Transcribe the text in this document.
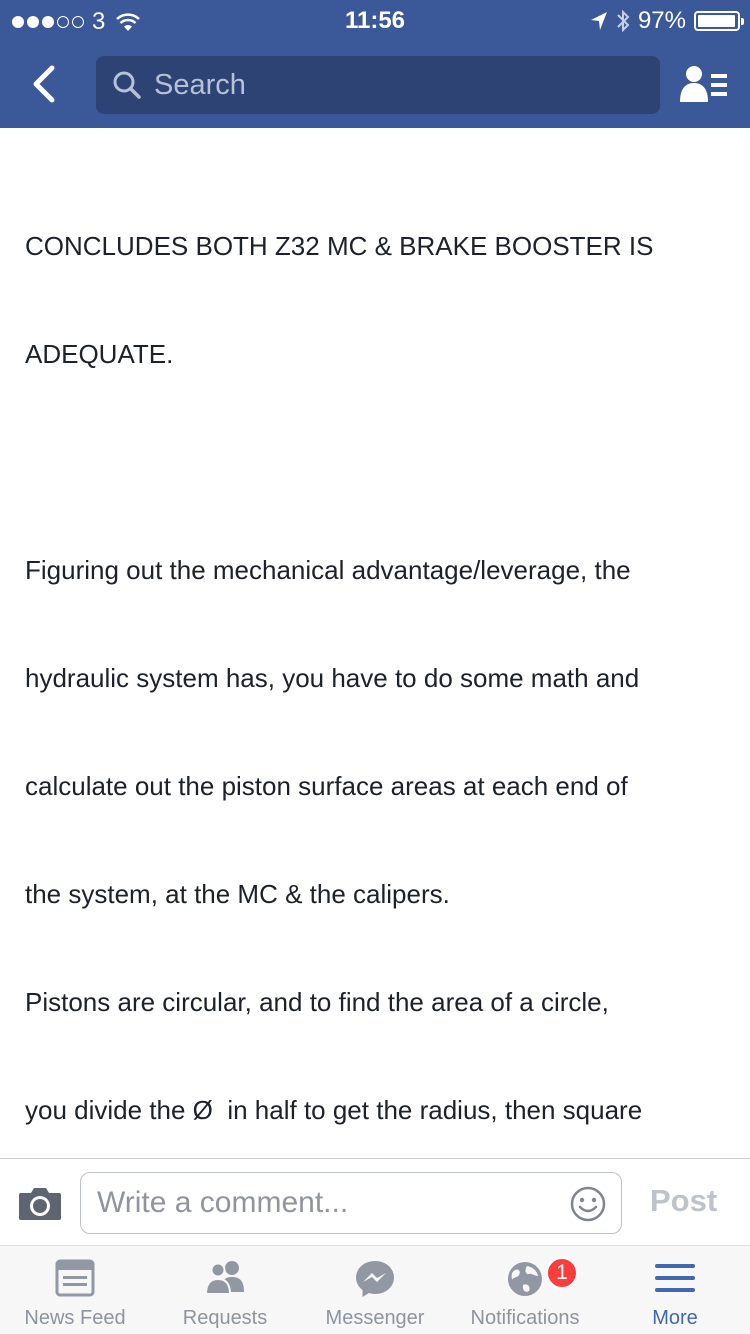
3	11:56	97%
Search

CONCLUDES BOTH Z32 MC & BRAKE BOOSTER IS

ADEQUATE.

Figuring out the mechanical advantage/leverage, the

hydraulic system has, you have to do some math and

calculate out the piston surface areas at each end of

the system, at the MC & the calipers.

Pistons are circular, and to find the area of a circle,

you divide the Ø  in half to get the radius, then square

Write a comment...
Post
News Feed	Requests	Messenger	Notifications	More
1
